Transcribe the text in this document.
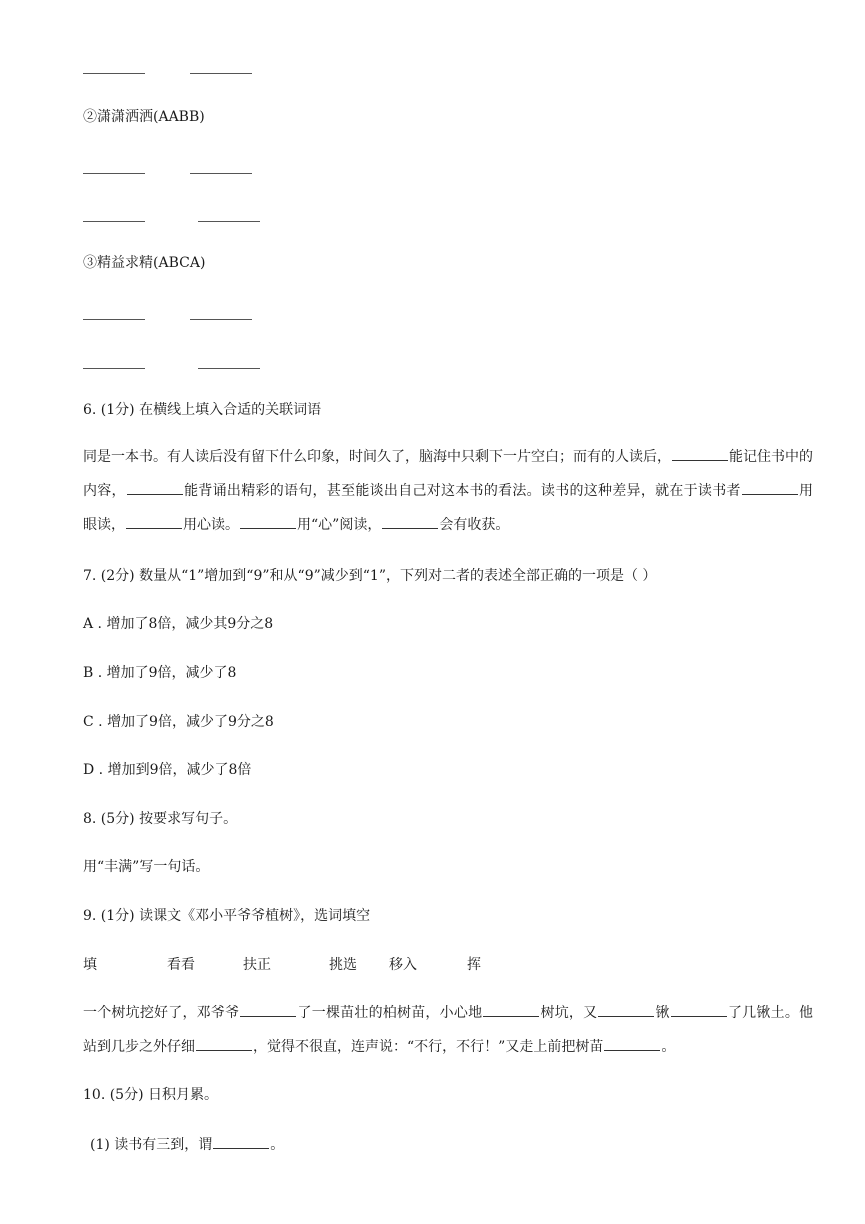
②潇潇洒洒(AABB)
③精益求精(ABCA)
6. (1分) 在横线上填入合适的关联词语
同是一本书。有人读后没有留下什么印象，时间久了，脑海中只剩下一片空白；而有的人读后，	能记住书中的内容，	能背诵出精彩的语句，甚至能谈出自己对这本书的看法。读书的这种差异，就在于读书者	用眼读，	用心读。	用“心”阅读，	会有收获。
7. (2分) 数量从“1”增加到“9”和从“9”减少到“1”，下列对二者的表述全部正确的一项是（ ）
A . 增加了8倍，减少其9分之8
B . 增加了9倍，减少了8
C . 增加了9倍，减少了9分之8
D . 增加到9倍，减少了8倍
8. (5分) 按要求写句子。
用“丰满”写一句话。
9. (1分) 读课文《邓小平爷爷植树》，选词填空
填	看看	扶正	挑选 移入	挥
一个树坑挖好了，邓爷爷	了一棵苗壮的柏树苗，小心地	树坑，又	锹	了几锹土。他站到几步之外仔细	，觉得不很直，连声说：“不行，不行！”又走上前把树苗	。
10. (5分) 日积月累。
(1) 读书有三到，谓	。
